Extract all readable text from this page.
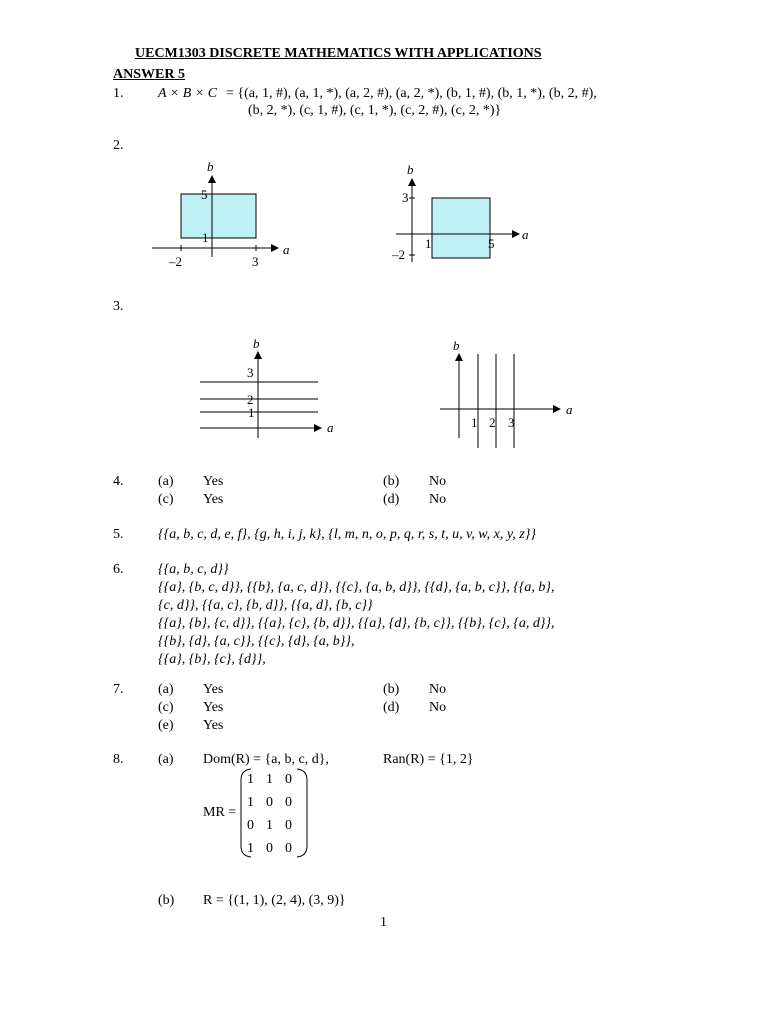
UECM1303 DISCRETE MATHEMATICS WITH APPLICATIONS
ANSWER 5
1. A × B × C = {(a, 1, #), (a, 1, *), (a, 2, #), (a, 2, *), (b, 1, #), (b, 1, *), (b, 2, #),
(b, 2, *), (c, 1, #), (c, 1, *), (c, 2, #), (c, 2, *)}
2.
b
a
5
1
–2	3
b
a
3
–2
1	5
3.
b
a
3
2
1
b
a
1 2 3
4. (a) Yes	(b) No
(c) Yes	(d) No
5. {{a, b, c, d, e, f}, {g, h, i, j, k}, {l, m, n, o, p, q, r, s, t, u, v, w, x, y, z}}
6. {{a, b, c, d}}
{{a}, {b, c, d}}, {{b}, {a, c, d}}, {{c}, {a, b, d}}, {{d}, {a, b, c}}, {{a, b},
{c, d}}, {{a, c}, {b, d}}, {{a, d}, {b, c}}
{{a}, {b}, {c, d}}, {{a}, {c}, {b, d}}, {{a}, {d}, {b, c}}, {{b}, {c}, {a, d}},
{{b}, {d}, {a, c}}, {{c}, {d}, {a, b}},
{{a}, {b}, {c}, {d}},
7. (a) Yes	(b) No
(c) Yes	(d) No
(e) Yes
8. (a) Dom(R) = {a, b, c, d},	Ran(R) = {1, 2}
MR =
1	1	0
1	0	0
0	1	0
1	0	0
(b) R = {(1, 1), (2, 4), (3, 9)}
1
